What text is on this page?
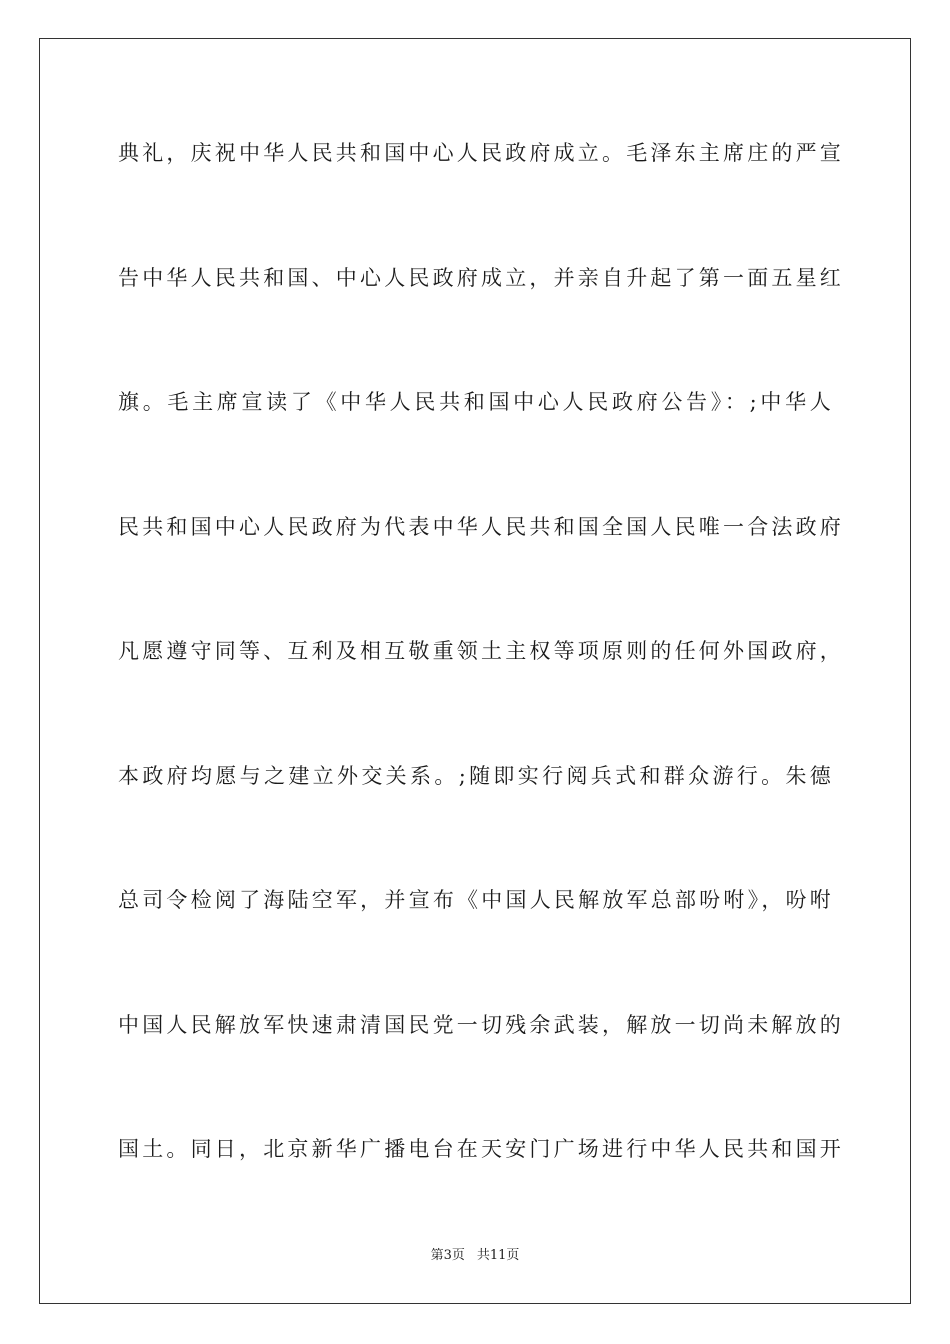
典礼，庆祝中华人民共和国中心人民政府成立。毛泽东主席庄的严宣
告中华人民共和国、中心人民政府成立，并亲自升起了第一面五星红
旗。毛主席宣读了《中华人民共和国中心人民政府公告》：;中华人
民共和国中心人民政府为代表中华人民共和国全国人民唯一合法政府
凡愿遵守同等、互利及相互敬重领土主权等项原则的任何外国政府，
本政府均愿与之建立外交关系。;随即实行阅兵式和群众游行。朱德
总司令检阅了海陆空军，并宣布《中国人民解放军总部吩咐》，吩咐
中国人民解放军快速肃清国民党一切残余武装，解放一切尚未解放的
国土。同日，北京新华广播电台在天安门广场进行中华人民共和国开
第3页 共11页
